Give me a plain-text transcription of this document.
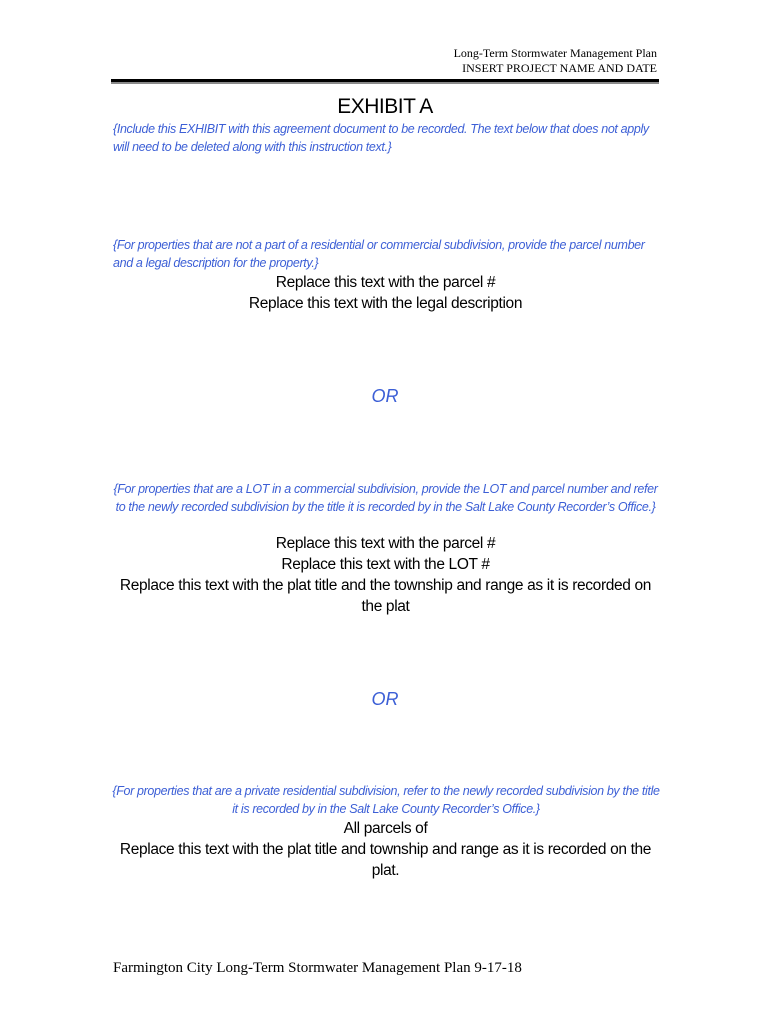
Long-Term Stormwater Management Plan
INSERT PROJECT NAME AND DATE
EXHIBIT A
{Include this EXHIBIT with this agreement document to be recorded. The text below that does not apply will need to be deleted along with this instruction text.}
{For properties that are not a part of a residential or commercial subdivision, provide the parcel number and a legal description for the property.}
Replace this text with the parcel #
Replace this text with the legal description
OR
{For properties that are a LOT in a commercial subdivision, provide the LOT and parcel number and refer to the newly recorded subdivision by the title it is recorded by in the Salt Lake County Recorder’s Office.}
Replace this text with the parcel #
Replace this text with the LOT #
Replace this text with the plat title and the township and range as it is recorded on the plat
OR
{For properties that are a private residential subdivision, refer to the newly recorded subdivision by the title it is recorded by in the Salt Lake County Recorder’s Office.}
All parcels of
Replace this text with the plat title and township and range as it is recorded on the plat.
Farmington City Long-Term Stormwater Management Plan 9-17-18
